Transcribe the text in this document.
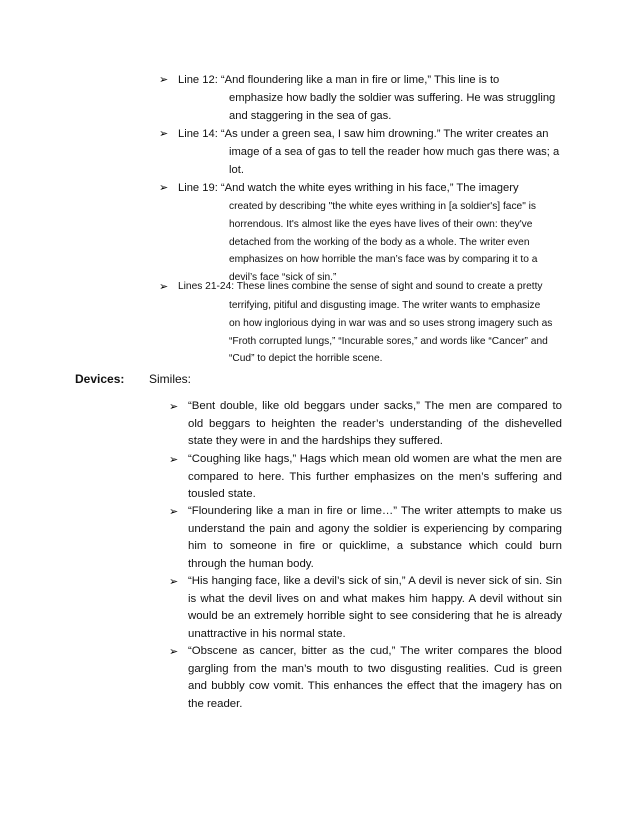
➢ Line 12: “And floundering like a man in fire or lime,” This line is to
emphasize how badly the soldier was suffering. He was struggling
and staggering in the sea of gas.
➢ Line 14: “As under a green sea, I saw him drowning.” The writer creates an
image of a sea of gas to tell the reader how much gas there was; a
lot.
➢ Line 19: “And watch the white eyes writhing in his face,” The imagery
created by describing "the white eyes writhing in [a soldier's] face" is
horrendous. It's almost like the eyes have lives of their own: they've
detached from the working of the body as a whole. The writer even
emphasizes on how horrible the man’s face was by comparing it to a
devil’s face “sick of sin.”
➢ Lines 21-24: These lines combine the sense of sight and sound to create a pretty
terrifying, pitiful and disgusting image. The writer wants to emphasize
on how inglorious dying in war was and so uses strong imagery such as
“Froth corrupted lungs,” “Incurable sores,” and words like “Cancer” and
“Cud” to depict the horrible scene.
Devices: Similes:
➢ “Bent double, like old beggars under sacks,” The men are compared to old beggars to heighten the reader’s understanding of the dishevelled state they were in and the hardships they suffered.
➢ “Coughing like hags,” Hags which mean old women are what the men are compared to here. This further emphasizes on the men’s suffering and tousled state.
➢ “Floundering like a man in fire or lime…” The writer attempts to make us understand the pain and agony the soldier is experiencing by comparing him to someone in fire or quicklime, a substance which could burn through the human body.
➢ “His hanging face, like a devil’s sick of sin,” A devil is never sick of sin. Sin is what the devil lives on and what makes him happy. A devil without sin would be an extremely horrible sight to see considering that he is already unattractive in his normal state.
➢ “Obscene as cancer, bitter as the cud,” The writer compares the blood gargling from the man’s mouth to two disgusting realities. Cud is green and bubbly cow vomit. This enhances the effect that the imagery has on the reader.
